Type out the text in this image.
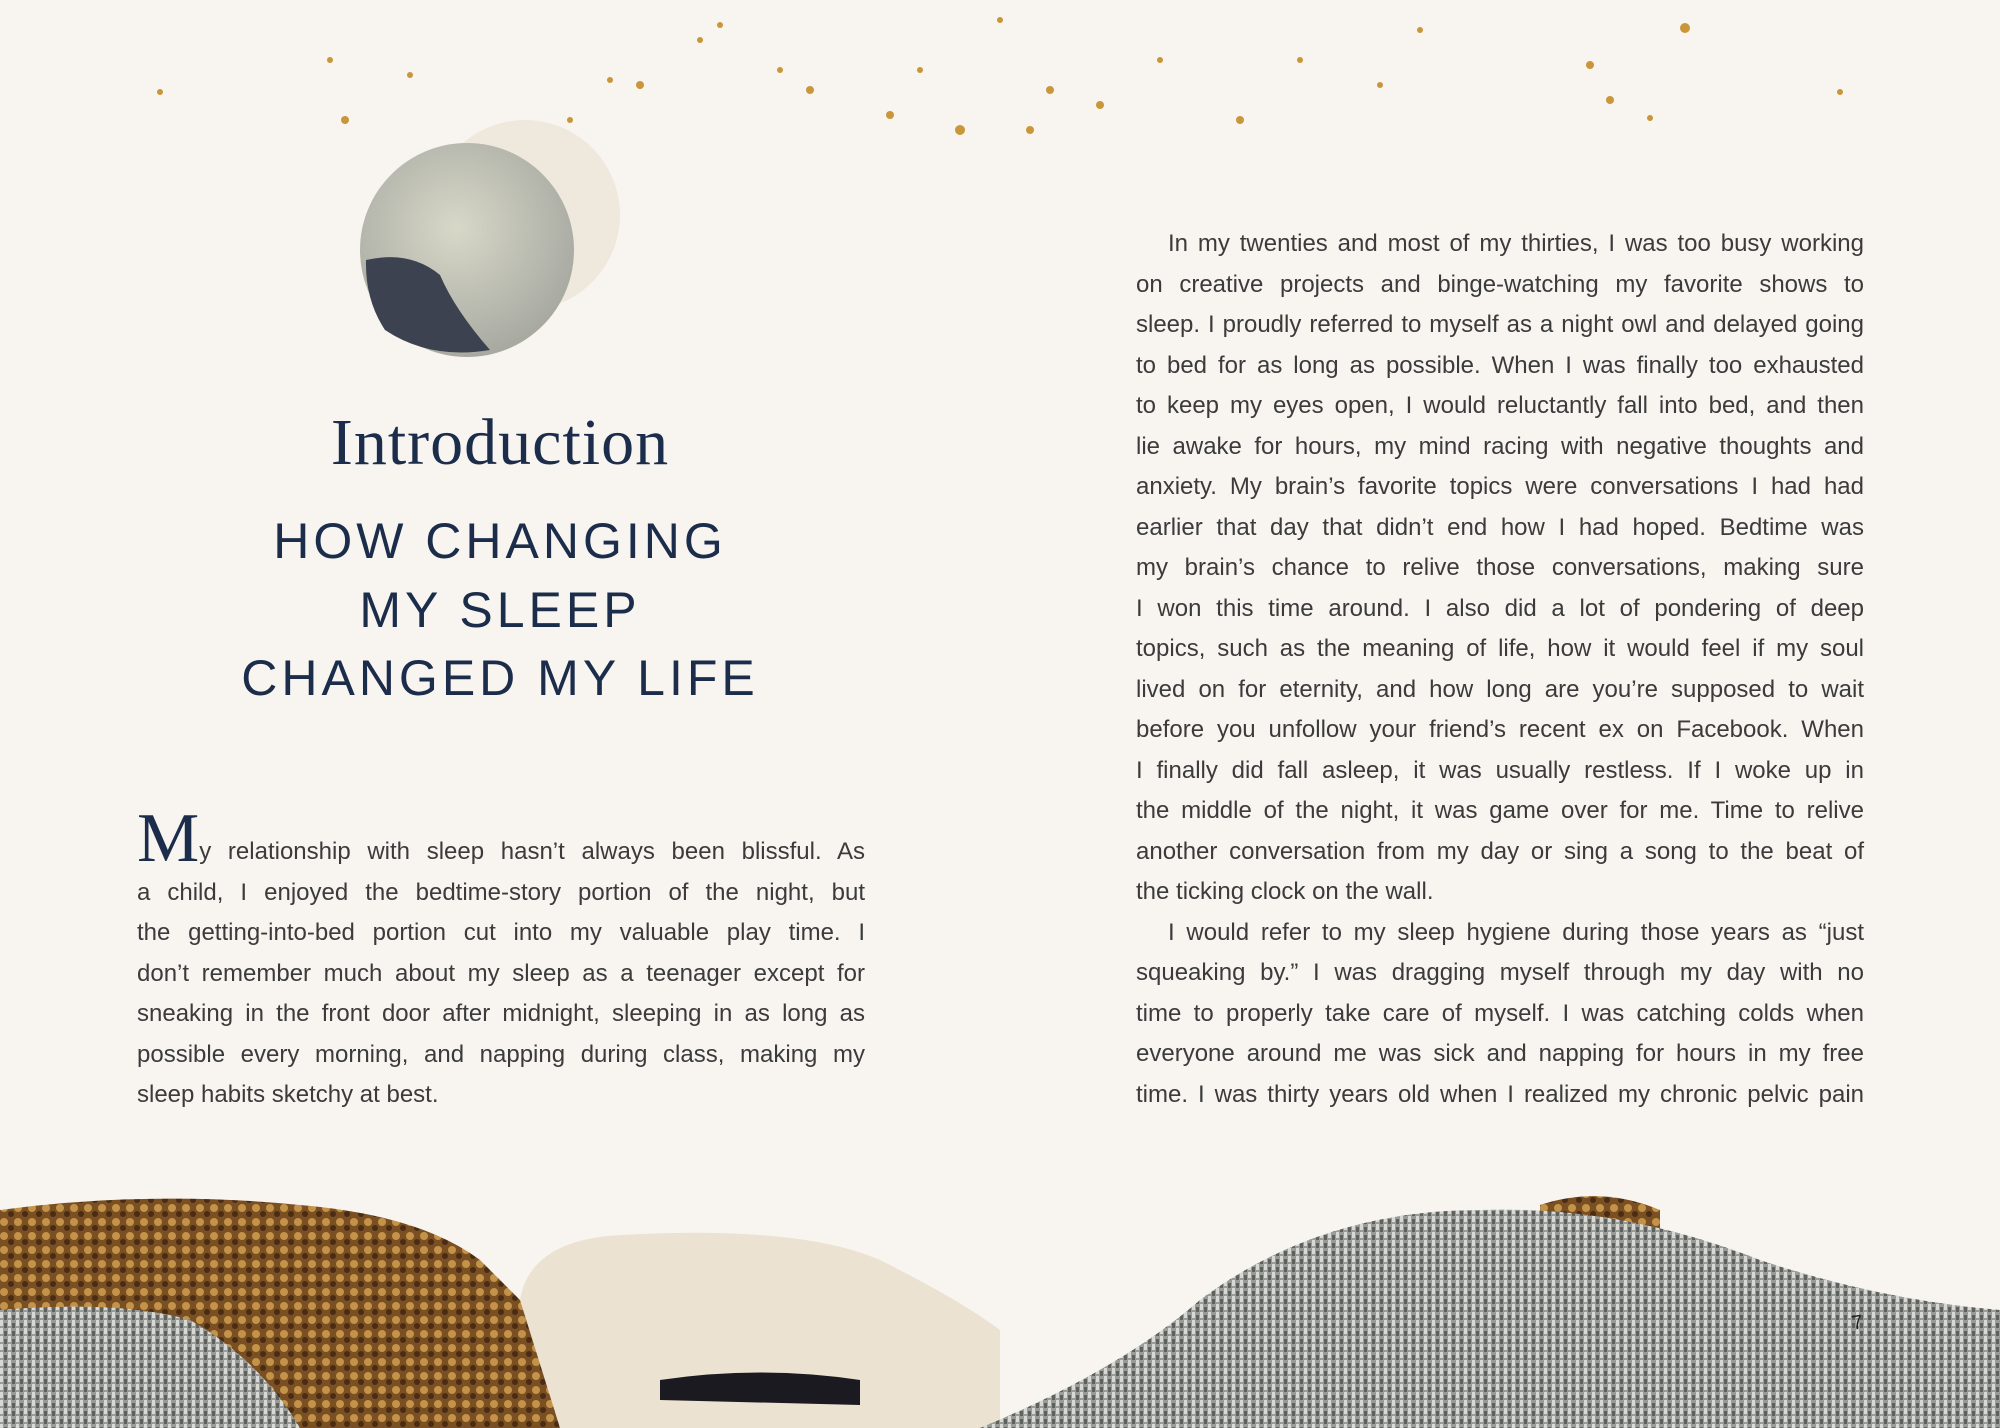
Introduction
HOW CHANGING
MY SLEEP
CHANGED MY LIFE
My relationship with sleep hasn’t always been blissful. As
a child, I enjoyed the bedtime-story portion of the night, but
the getting-into-bed portion cut into my valuable play time. I
don’t remember much about my sleep as a teenager except for
sneaking in the front door after midnight, sleeping in as long as
possible every morning, and napping during class, making my
sleep habits sketchy at best.
In my twenties and most of my thirties, I was too busy working
on creative projects and binge-watching my favorite shows to
sleep. I proudly referred to myself as a night owl and delayed going
to bed for as long as possible. When I was finally too exhausted
to keep my eyes open, I would reluctantly fall into bed, and then
lie awake for hours, my mind racing with negative thoughts and
anxiety. My brain’s favorite topics were conversations I had had
earlier that day that didn’t end how I had hoped. Bedtime was
my brain’s chance to relive those conversations, making sure
I won this time around. I also did a lot of pondering of deep
topics, such as the meaning of life, how it would feel if my soul
lived on for eternity, and how long are you’re supposed to wait
before you unfollow your friend’s recent ex on Facebook. When
I finally did fall asleep, it was usually restless. If I woke up in
the middle of the night, it was game over for me. Time to relive
another conversation from my day or sing a song to the beat of
the ticking clock on the wall.
I would refer to my sleep hygiene during those years as “just
squeaking by.” I was dragging myself through my day with no
time to properly take care of myself. I was catching colds when
everyone around me was sick and napping for hours in my free
time. I was thirty years old when I realized my chronic pelvic pain
7
